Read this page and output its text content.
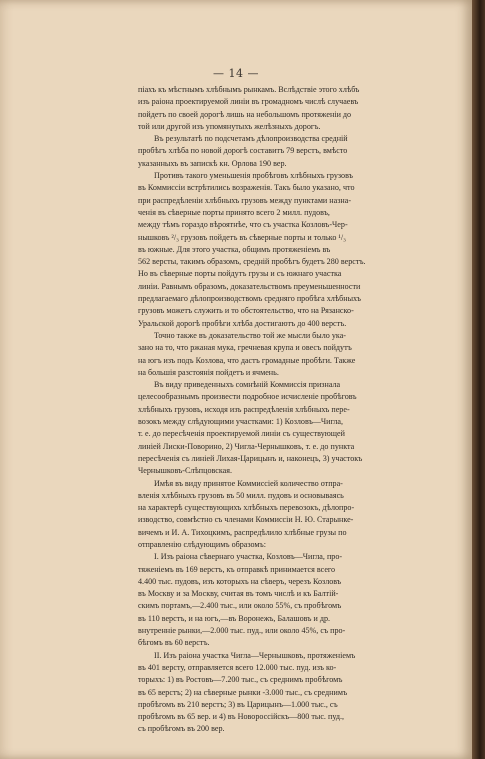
— 14 —

піахъ къ мѣстнымъ хлѣбнымъ рынкамъ. Вслѣдствіе этого хлѣбъ
изъ раіона проектируемой линіи въ громадномъ числѣ случаевъ
пойдетъ по своей дорогѣ лишь на небольшомъ протяженіи до
той или другой изъ упомянутыхъ желѣзныхъ дорогъ.

Въ результатѣ по подсчетамъ дѣлопроизводства средній
пробѣгъ хлѣба по новой дорогѣ составитъ 79 верстъ, вмѣсто
указанныхъ въ запискѣ кн. Орлова 190 вер.

Противъ такого уменьшенія пробѣговъ хлѣбныхъ грузовъ
въ Коммиссіи встрѣтились возраженія. Такъ было указано, что
при распредѣленіи хлѣбныхъ грузовъ между пунктами назна-
ченія въ сѣверные порты принято всего 2 милл. пудовъ,
между тѣмъ гораздо вѣроятнѣе, что съ участка Козловъ-Чер-
нышковъ ²/₃ грузовъ пойдетъ въ сѣверные порты и только ¹/₃
въ южные. Для этого участка, общимъ протяженіемъ въ
562 версты, такимъ образомъ, средній пробѣгъ будетъ 280 верстъ.
Но въ сѣверные порты пойдутъ грузы и съ южнаго участка
линіи. Равнымъ образомъ, доказательствомъ преуменьшенности
предлагаемаго дѣлопроизводствомъ средняго пробѣга хлѣбныхъ
грузовъ можетъ служить и то обстоятельство, что на Рязанско-
Уральской дорогѣ пробѣги хлѣба достигаютъ до 400 верстъ.

Точно также въ доказательство той же мысли было ука-
зано на то, что ржаная мука, гречневая крупа и овесъ пойдутъ
на югъ изъ подъ Козлова, что дастъ громадные пробѣги. Также
на большія разстоянія пойдетъ и ячмень.

Въ виду приведенныхъ сомнѣній Коммиссія признала
целесообразнымъ произвести подробное исчисленіе пробѣговъ
хлѣбныхъ грузовъ, исходя изъ распредѣленія хлѣбныхъ пере-
возокъ между слѣдующими участками: 1) Козловъ—Чигла,
т. е. до пересѣченія проектируемой линіи съ существующей
линіей Лиски-Поворино, 2) Чигла-Чернышковъ, т. е. до пункта
пересѣченія съ линіей Лихая-Царицынъ и, наконецъ, 3) участокъ
Чернышковъ-Слѣпцовская.

Имѣя въ виду принятое Коммиссіей количество отпра-
вленія хлѣбныхъ грузовъ въ 50 милл. пудовъ и основываясь
на характерѣ существующихъ хлѣбныхъ перевозокъ, дѣлопро-
изводство, совмѣстно съ членами Коммиссіи Н. Ю. Старынке-
вичемъ и И. А. Тихоцкимъ, распредѣлило хлѣбные грузы по
отправленію слѣдующимъ образомъ:

I. Изъ раіона сѣвернаго участка, Козловъ—Чигла, про-
тяженіемъ въ 169 верстъ, къ отправкѣ принимается всего
4.400 тыс. пудовъ, изъ которыхъ на сѣверъ, черезъ Козловъ
въ Москву и за Москву, считая въ томъ числѣ и къ Балтій-
скимъ портамъ,—2.400 тыс., или около 55%, съ пробѣгомъ
въ 110 верстъ, и на югъ,—въ Воронежъ, Балашовъ и др.
внутренніе рынки,—2.000 тыс. пуд., или около 45%, съ про-
бѣгомъ въ 60 верстъ.

II. Изъ раіона участка Чигла—Чернышковъ, протяженіемъ
въ 401 версту, отправляется всего 12.000 тыс. пуд. изъ ко-
торыхъ: 1) въ Ростовъ—7.200 тыс., съ среднимъ пробѣгомъ
въ 65 верстъ; 2) на сѣверные рынки -3.000 тыс., съ среднимъ
пробѣгомъ въ 210 верстъ; 3) въ Царицынъ—1.000 тыс., съ
пробѣгомъ въ 65 вер. и 4) въ Новороссійскъ—800 тыс. пуд.,
съ пробѣгомъ въ 200 вер.
